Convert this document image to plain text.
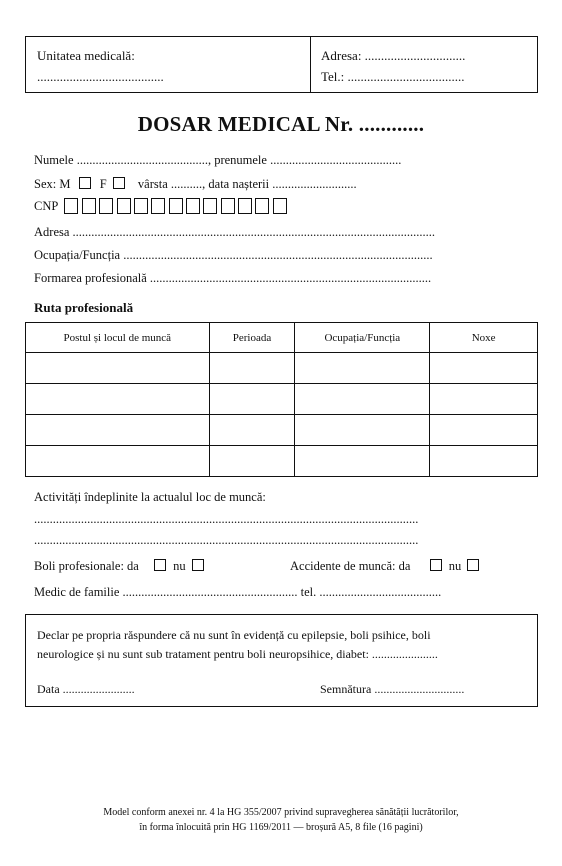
Unitatea medicală:
.......................................
Adresa: ...............................
Tel.: ....................................
DOSAR MEDICAL Nr. ............
Numele .........................................., prenumele ..........................................
Sex: M F	vârsta .........., data nașterii ...........................
CNP
Adresa ....................................................................................................................
Ocupația/Funcția ...................................................................................................
Formarea profesională ..........................................................................................
Ruta profesională
Postul și locul de muncă	Perioada	Ocupația/Funcția	Noxe

Activități îndeplinite la actualul loc de muncă:
...........................................................................................................................
...........................................................................................................................
Boli profesionale: da	nu	Accidente de muncă: da	nu
Medic de familie ........................................................ tel. .......................................
Declar pe propria răspundere că nu sunt în evidență cu epilepsie, boli psihice, boli
neurologice și nu sunt sub tratament pentru boli neuropsihice, diabet: ......................
Data ........................	Semnătura ..............................
Model conform anexei nr. 4 la HG 355/2007 privind supravegherea sănătății lucrătorilor,
în forma înlocuită prin HG 1169/2011 — broșură A5, 8 file (16 pagini)
